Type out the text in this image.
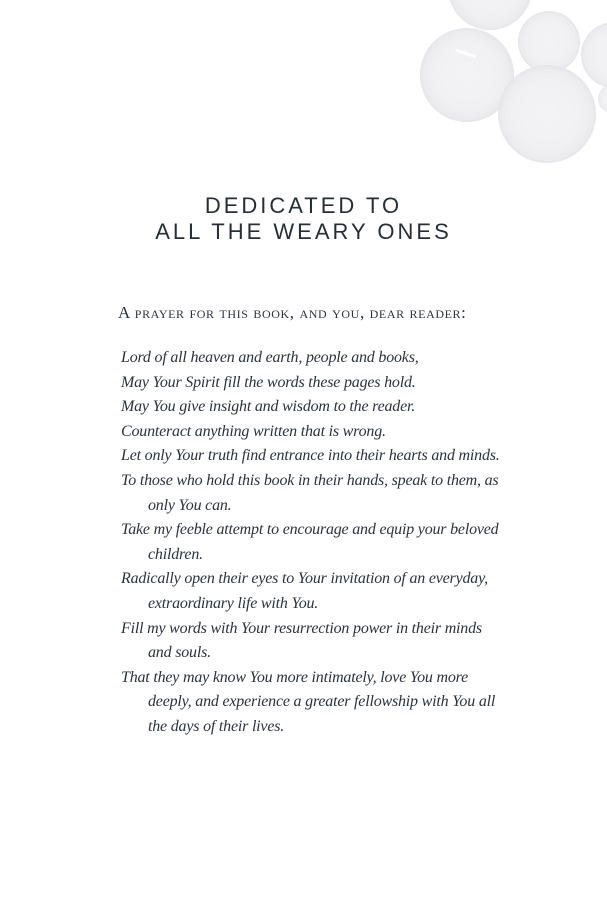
DEDICATED TO
ALL THE WEARY ONES
A prayer for this book, and you, dear reader:
Lord of all heaven and earth, people and books,
May Your Spirit fill the words these pages hold.
May You give insight and wisdom to the reader.
Counteract anything written that is wrong.
Let only Your truth find entrance into their hearts and minds.
To those who hold this book in their hands, speak to them, as
only You can.
Take my feeble attempt to encourage and equip your beloved
children.
Radically open their eyes to Your invitation of an everyday,
extraordinary life with You.
Fill my words with Your resurrection power in their minds
and souls.
That they may know You more intimately, love You more
deeply, and experience a greater fellowship with You all
the days of their lives.
